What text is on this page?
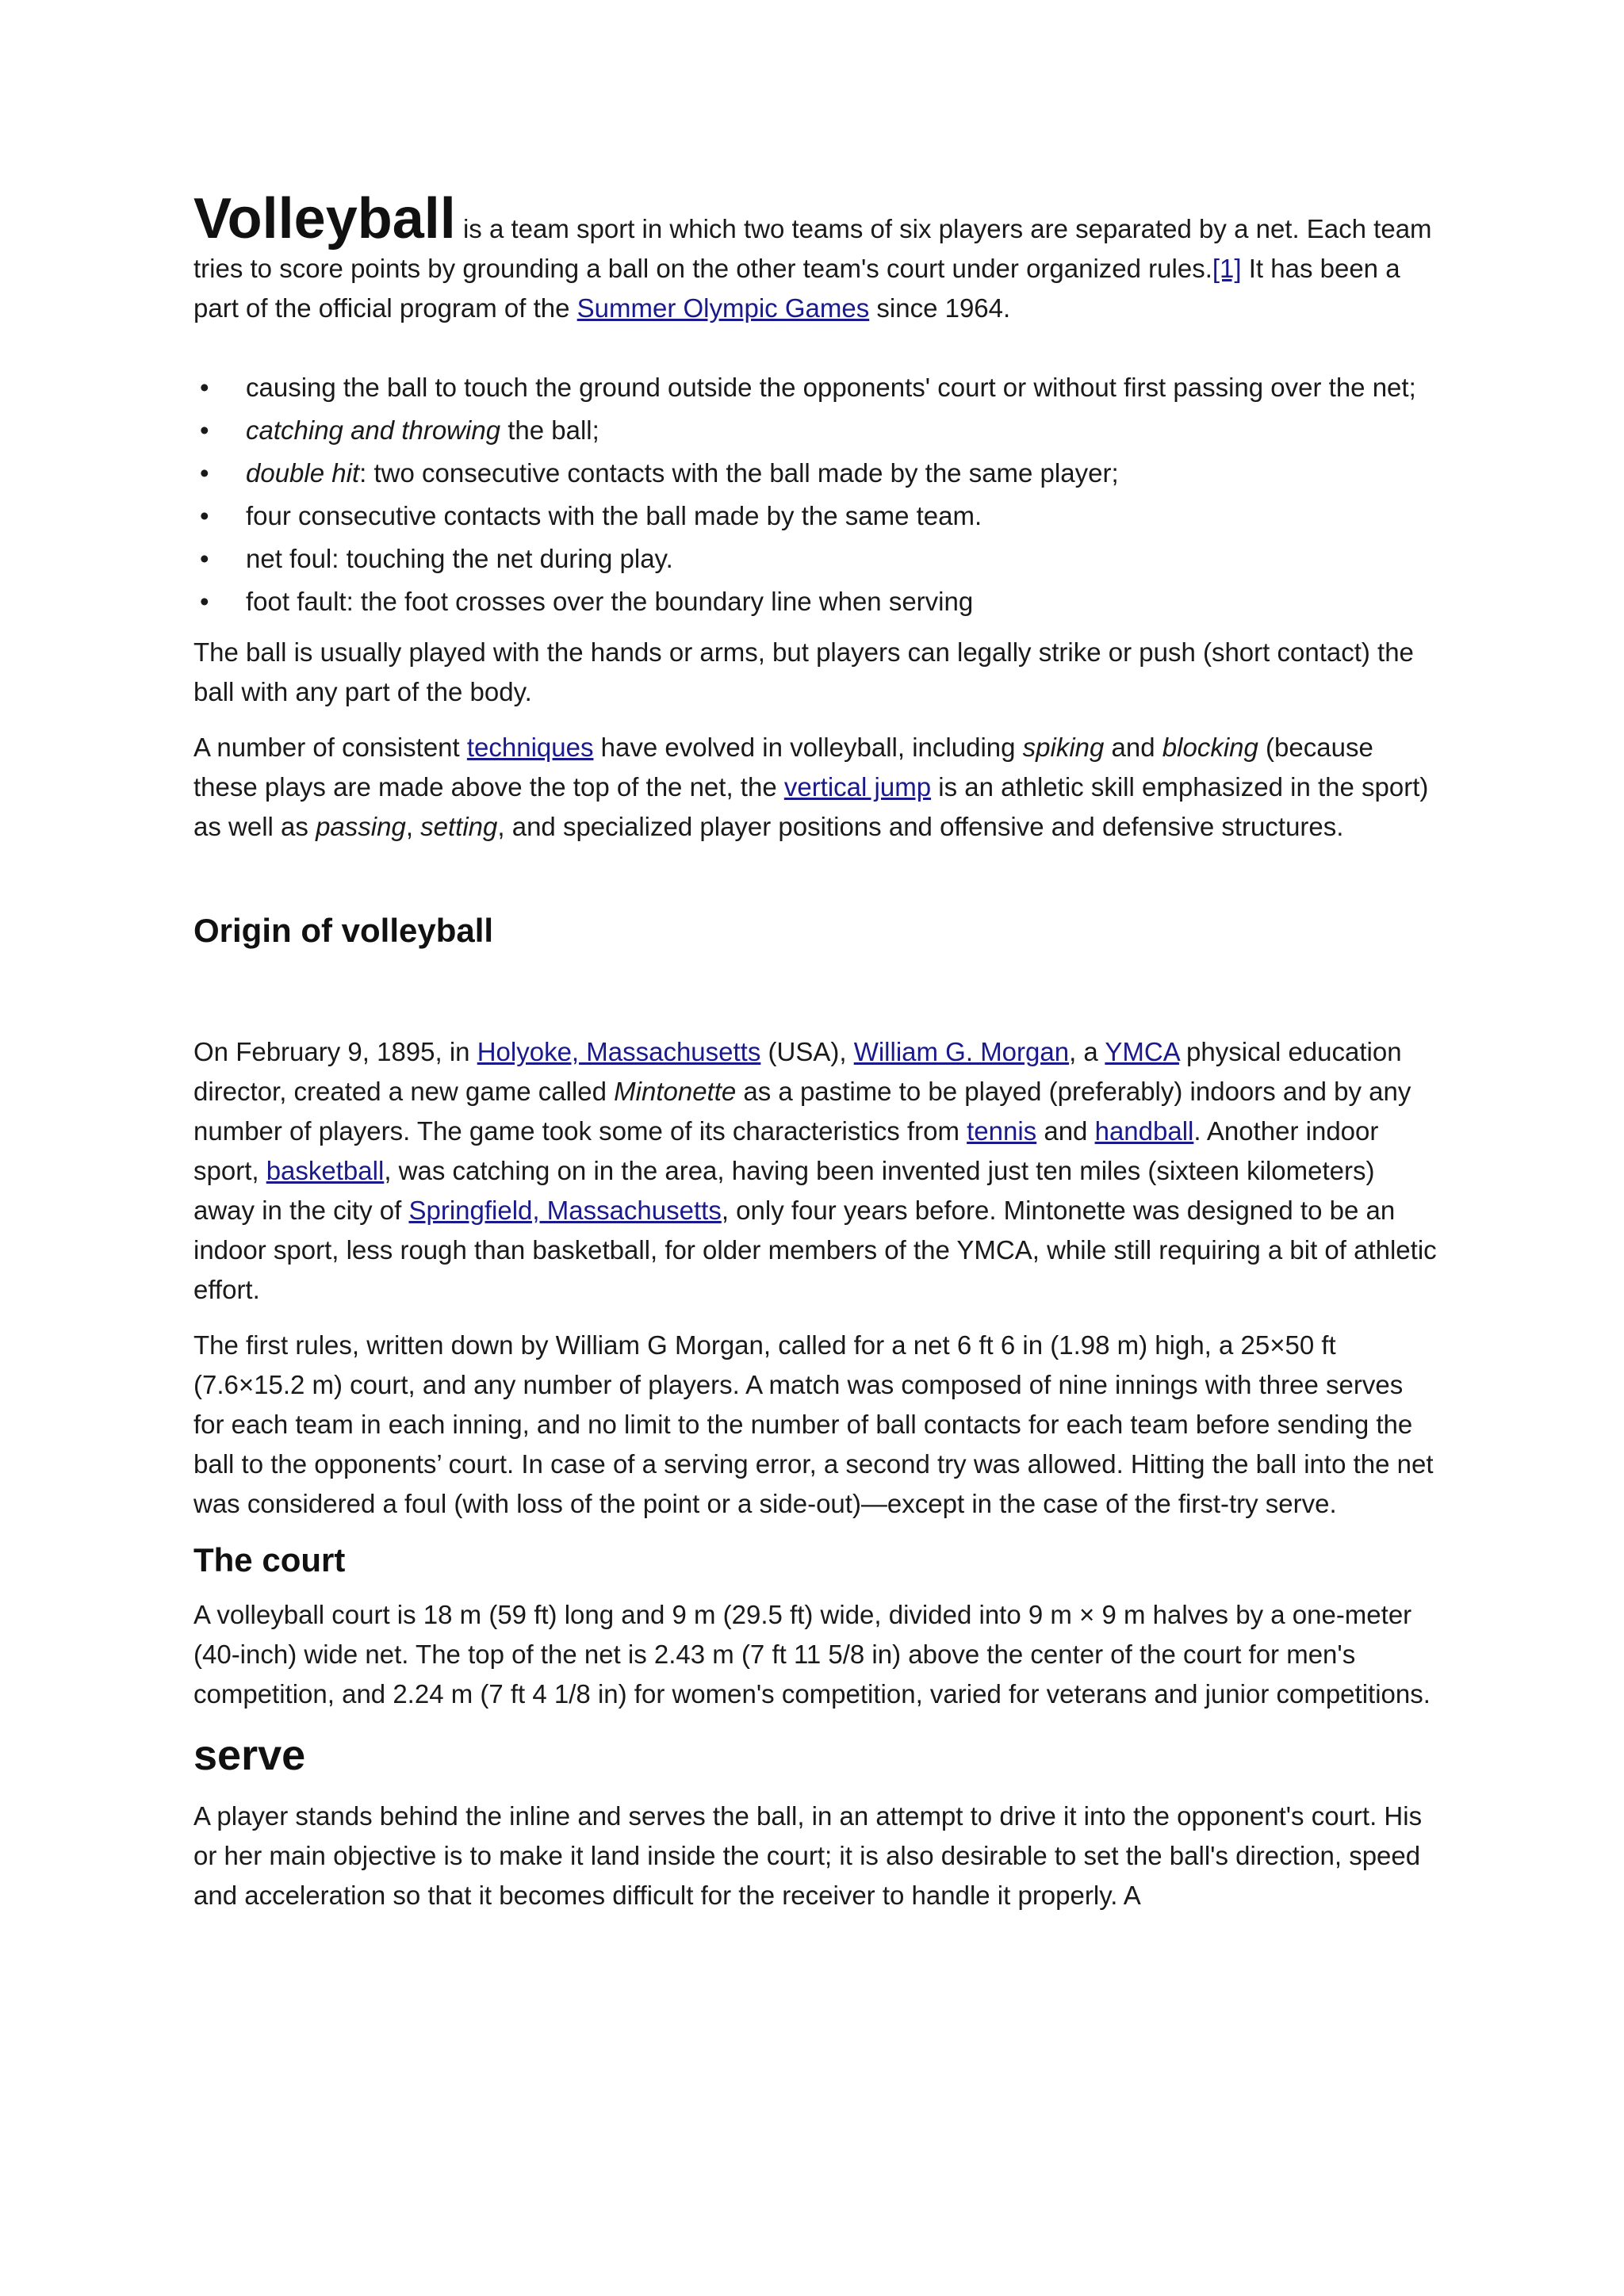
Volleyball is a team sport in which two teams of six players are separated by a net. Each team tries to score points by grounding a ball on the other team's court under organized rules.[1] It has been a part of the official program of the Summer Olympic Games since 1964.

• causing the ball to touch the ground outside the opponents' court or without first passing over the net;
• catching and throwing the ball;
• double hit: two consecutive contacts with the ball made by the same player;
• four consecutive contacts with the ball made by the same team.
• net foul: touching the net during play.
• foot fault: the foot crosses over the boundary line when serving

The ball is usually played with the hands or arms, but players can legally strike or push (short contact) the ball with any part of the body.

A number of consistent techniques have evolved in volleyball, including spiking and blocking (because these plays are made above the top of the net, the vertical jump is an athletic skill emphasized in the sport) as well as passing, setting, and specialized player positions and offensive and defensive structures.

Origin of volleyball

On February 9, 1895, in Holyoke, Massachusetts (USA), William G. Morgan, a YMCA physical education director, created a new game called Mintonette as a pastime to be played (preferably) indoors and by any number of players. The game took some of its characteristics from tennis and handball. Another indoor sport, basketball, was catching on in the area, having been invented just ten miles (sixteen kilometers) away in the city of Springfield, Massachusetts, only four years before. Mintonette was designed to be an indoor sport, less rough than basketball, for older members of the YMCA, while still requiring a bit of athletic effort.

The first rules, written down by William G Morgan, called for a net 6 ft 6 in (1.98 m) high, a 25×50 ft (7.6×15.2 m) court, and any number of players. A match was composed of nine innings with three serves for each team in each inning, and no limit to the number of ball contacts for each team before sending the ball to the opponents’ court. In case of a serving error, a second try was allowed. Hitting the ball into the net was considered a foul (with loss of the point or a side-out)—except in the case of the first-try serve.

The court

A volleyball court is 18 m (59 ft) long and 9 m (29.5 ft) wide, divided into 9 m × 9 m halves by a one-meter (40-inch) wide net. The top of the net is 2.43 m (7 ft 11 5/8 in) above the center of the court for men's competition, and 2.24 m (7 ft 4 1/8 in) for women's competition, varied for veterans and junior competitions.

serve

A player stands behind the inline and serves the ball, in an attempt to drive it into the opponent's court. His or her main objective is to make it land inside the court; it is also desirable to set the ball's direction, speed and acceleration so that it becomes difficult for the receiver to handle it properly. A
